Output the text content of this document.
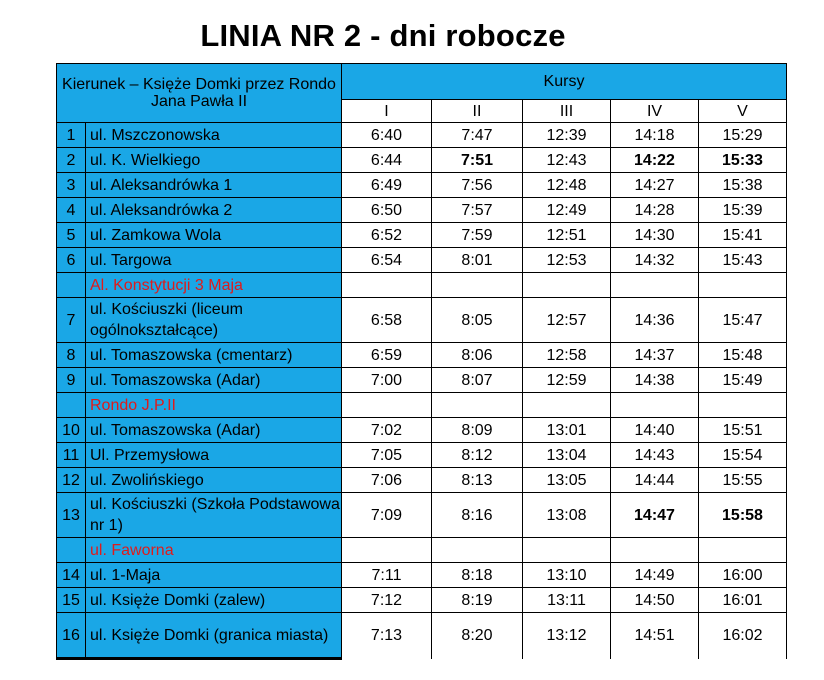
LINIA NR 2 - dni robocze
Kierunek – Księże Domki przez Rondo Jana Pawła II		Kursy				
		I	II	III	IV	V
1	ul. Mszczonowska	6:40	7:47	12:39	14:18	15:29
2	ul. K. Wielkiego	6:44	7:51	12:43	14:22	15:33
3	ul. Aleksandrówka 1	6:49	7:56	12:48	14:27	15:38
4	ul. Aleksandrówka 2	6:50	7:57	12:49	14:28	15:39
5	ul. Zamkowa Wola	6:52	7:59	12:51	14:30	15:41
6	ul. Targowa	6:54	8:01	12:53	14:32	15:43
	Al. Konstytucji 3 Maja					
7	ul. Kościuszki (liceum ogólnokształcące)	6:58	8:05	12:57	14:36	15:47
8	ul. Tomaszowska (cmentarz)	6:59	8:06	12:58	14:37	15:48
9	ul. Tomaszowska (Adar)	7:00	8:07	12:59	14:38	15:49
	Rondo J.P.II					
10	ul. Tomaszowska (Adar)	7:02	8:09	13:01	14:40	15:51
11	Ul. Przemysłowa	7:05	8:12	13:04	14:43	15:54
12	ul. Zwolińskiego	7:06	8:13	13:05	14:44	15:55
13	ul. Kościuszki (Szkoła Podstawowa nr 1)	7:09	8:16	13:08	14:47	15:58
	ul. Faworna					
14	ul. 1-Maja	7:11	8:18	13:10	14:49	16:00
15	ul. Księże Domki (zalew)	7:12	8:19	13:11	14:50	16:01
16	ul. Księże Domki (granica miasta)	7:13	8:20	13:12	14:51	16:02
